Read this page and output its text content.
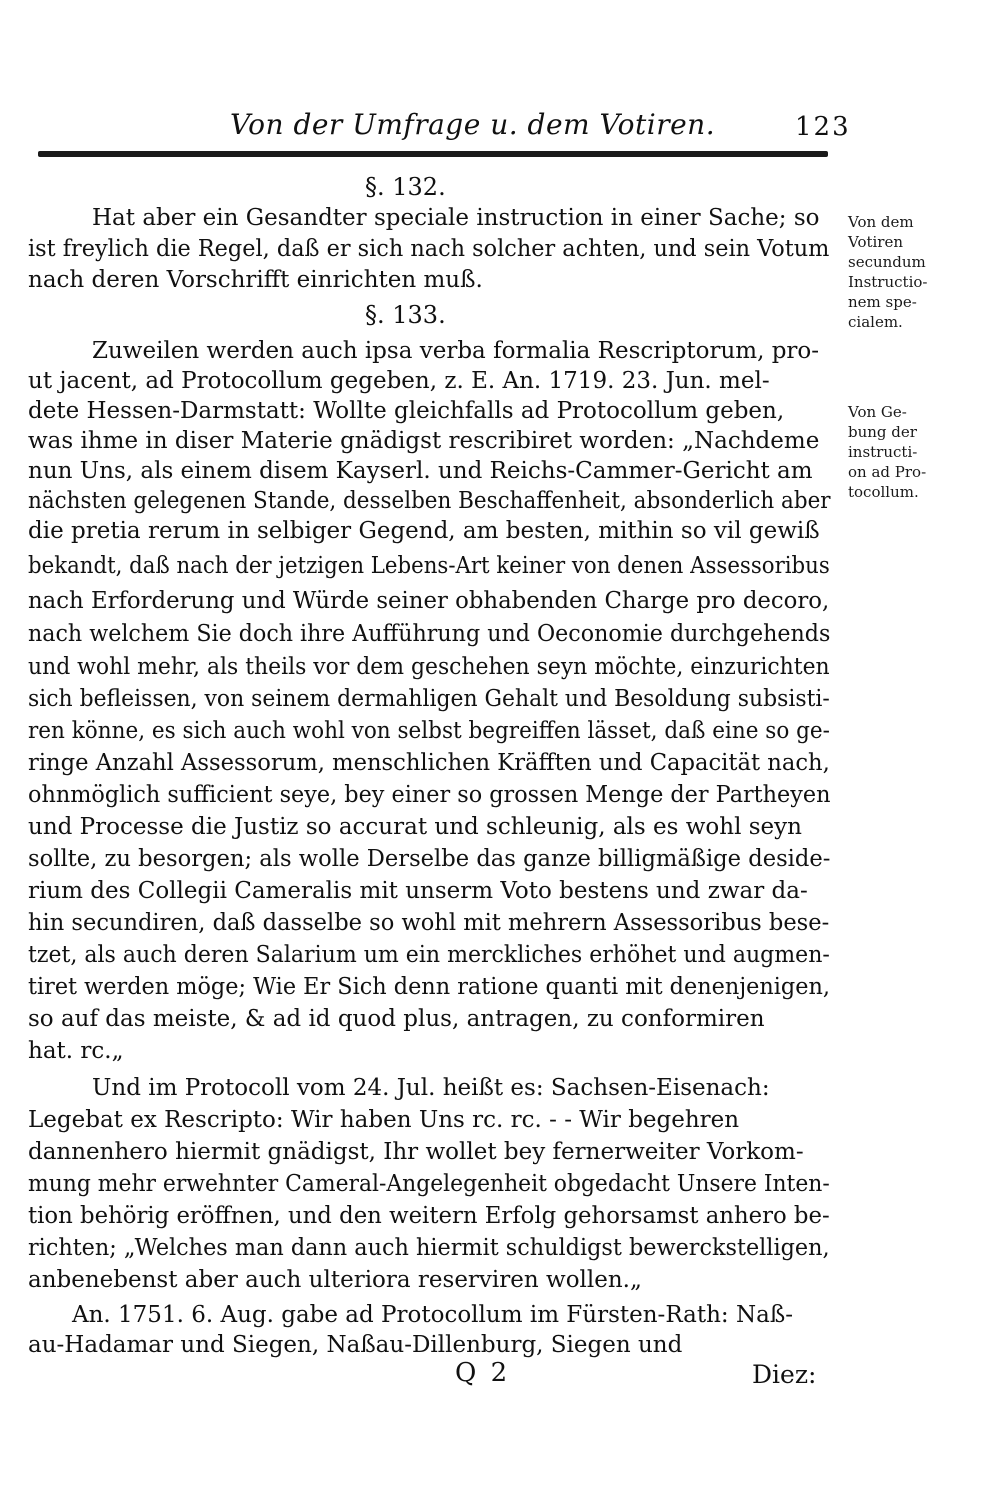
Von der Umfrage u. dem Votiren.	123
§. 132.
Hat aber ein Gesandter speciale instruction in einer Sache; so
ist freylich die Regel, daß er sich nach solcher achten, und sein Votum
nach deren Vorschrifft einrichten muß.
§. 133.
Zuweilen werden auch ipsa verba formalia Rescriptorum, pro-
ut jacent, ad Protocollum gegeben, z. E. An. 1719. 23. Jun. mel-
dete Hessen-Darmstatt: Wollte gleichfalls ad Protocollum geben,
was ihme in diser Materie gnädigst rescribiret worden: „Nachdeme
nun Uns, als einem disem Kayserl. und Reichs-Cammer-Gericht am
nächsten gelegenen Stande, desselben Beschaffenheit, absonderlich aber
die pretia rerum in selbiger Gegend, am besten, mithin so vil gewiß
bekandt, daß nach der jetzigen Lebens-Art keiner von denen Assessoribus
nach Erforderung und Würde seiner obhabenden Charge pro decoro,
nach welchem Sie doch ihre Aufführung und Oeconomie durchgehends
und wohl mehr, als theils vor dem geschehen seyn möchte, einzurichten
sich befleissen, von seinem dermahligen Gehalt und Besoldung subsisti-
ren könne, es sich auch wohl von selbst begreiffen lässet, daß eine so ge-
ringe Anzahl Assessorum, menschlichen Kräfften und Capacität nach,
ohnmöglich sufficient seye, bey einer so grossen Menge der Partheyen
und Processe die Justiz so accurat und schleunig, als es wohl seyn
sollte, zu besorgen; als wolle Derselbe das ganze billigmäßige deside-
rium des Collegii Cameralis mit unserm Voto bestens und zwar da-
hin secundiren, daß dasselbe so wohl mit mehrern Assessoribus bese-
tzet, als auch deren Salarium um ein merckliches erhöhet und augmen-
tiret werden möge; Wie Er Sich denn ratione quanti mit denenjenigen,
so auf das meiste, & ad id quod plus, antragen, zu conformiren
hat. rc.„
Und im Protocoll vom 24. Jul. heißt es: Sachsen-Eisenach:
Legebat ex Rescripto: Wir haben Uns rc. rc. - - Wir begehren
dannenhero hiermit gnädigst, Ihr wollet bey fernerweiter Vorkom-
mung mehr erwehnter Cameral-Angelegenheit obgedacht Unsere Inten-
tion behörig eröffnen, und den weitern Erfolg gehorsamst anhero be-
richten; „Welches man dann auch hiermit schuldigst bewerckstelligen,
anbenebenst aber auch ulteriora reserviren wollen.„
An. 1751. 6. Aug. gabe ad Protocollum im Fürsten-Rath: Naß-
au-Hadamar und Siegen, Naßau-Dillenburg, Siegen und
Von dem
Votiren
secundum
Instructio-
nem spe-
cialem.
Von Ge-
bung der
instructi-
on ad Pro-
tocollum.
Q 2	Diez:
